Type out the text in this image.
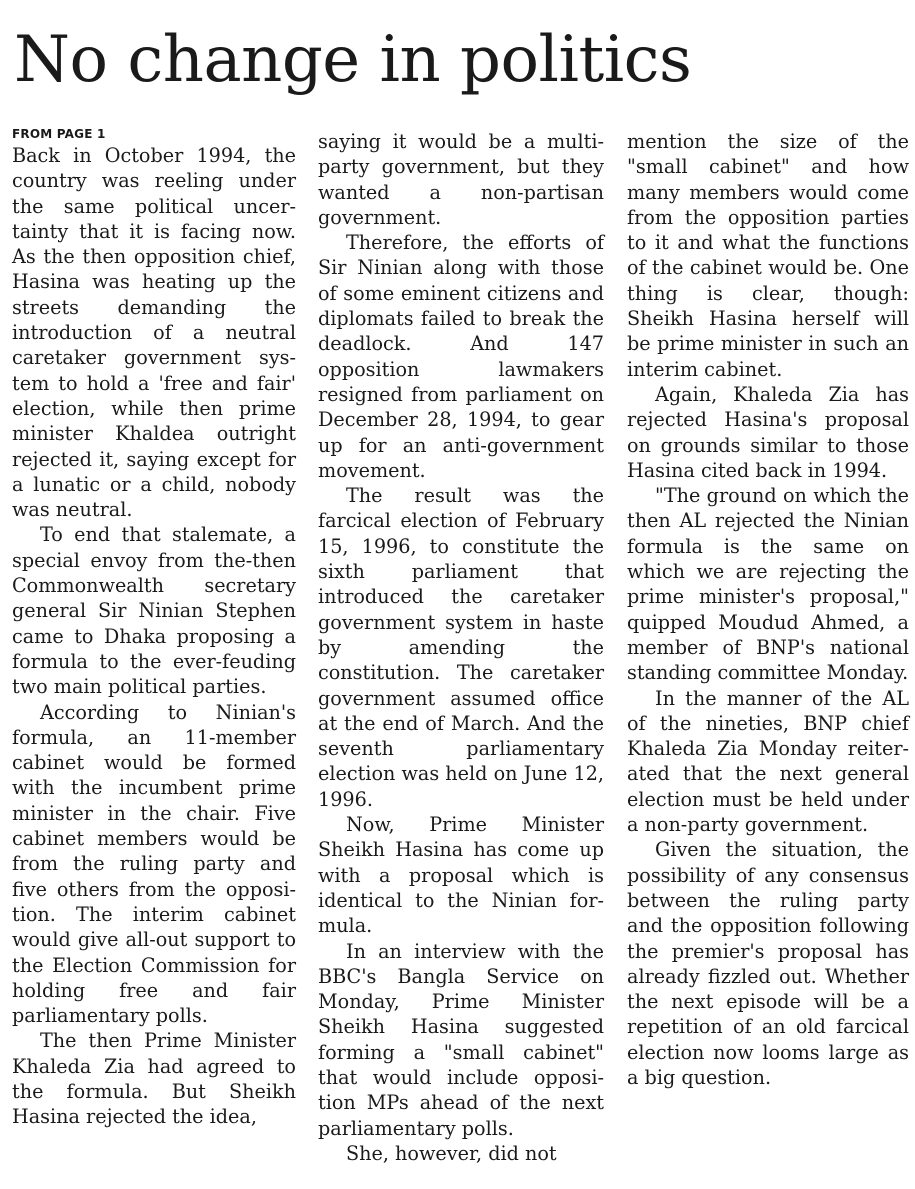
No change in politics
FROM PAGE 1

Back in October 1994, the country was reeling under the same political uncertainty that it is facing now. As the then opposition chief, Hasina was heating up the streets demanding the introduction of a neutral caretaker government system to hold a 'free and fair' election, while then prime minister Khaldea outright rejected it, saying except for a lunatic or a child, nobody was neutral.

To end that stalemate, a special envoy from the-then Commonwealth secretary general Sir Ninian Stephen came to Dhaka proposing a formula to the ever-feuding two main political parties.

According to Ninian's formula, an 11-member cabinet would be formed with the incumbent prime minister in the chair. Five cabinet members would be from the ruling party and five others from the opposition. The interim cabinet would give all-out support to the Election Commission for holding free and fair parliamentary polls.

The then Prime Minister Khaleda Zia had agreed to the formula. But Sheikh Hasina rejected the idea,

saying it would be a multi-party government, but they wanted a non-partisan government.

Therefore, the efforts of Sir Ninian along with those of some eminent citizens and diplomats failed to break the deadlock. And 147 opposition lawmakers resigned from parliament on December 28, 1994, to gear up for an anti-government movement.

The result was the farcical election of February 15, 1996, to constitute the sixth parliament that introduced the caretaker government system in haste by amending the constitution. The caretaker government assumed office at the end of March. And the seventh parliamentary election was held on June 12, 1996.

Now, Prime Minister Sheikh Hasina has come up with a proposal which is identical to the Ninian formula.

In an interview with the BBC's Bangla Service on Monday, Prime Minister Sheikh Hasina suggested forming a "small cabinet" that would include opposition MPs ahead of the next parliamentary polls.

She, however, did not

mention the size of the "small cabinet" and how many members would come from the opposition parties to it and what the functions of the cabinet would be. One thing is clear, though: Sheikh Hasina herself will be prime minister in such an interim cabinet.

Again, Khaleda Zia has rejected Hasina's proposal on grounds similar to those Hasina cited back in 1994.

"The ground on which the then AL rejected the Ninian formula is the same on which we are rejecting the prime minister's proposal," quipped Moudud Ahmed, a member of BNP's national standing committee Monday.

In the manner of the AL of the nineties, BNP chief Khaleda Zia Monday reiterated that the next general election must be held under a non-party government.

Given the situation, the possibility of any consensus between the ruling party and the opposition following the premier's proposal has already fizzled out. Whether the next episode will be a repetition of an old farcical election now looms large as a big question.
